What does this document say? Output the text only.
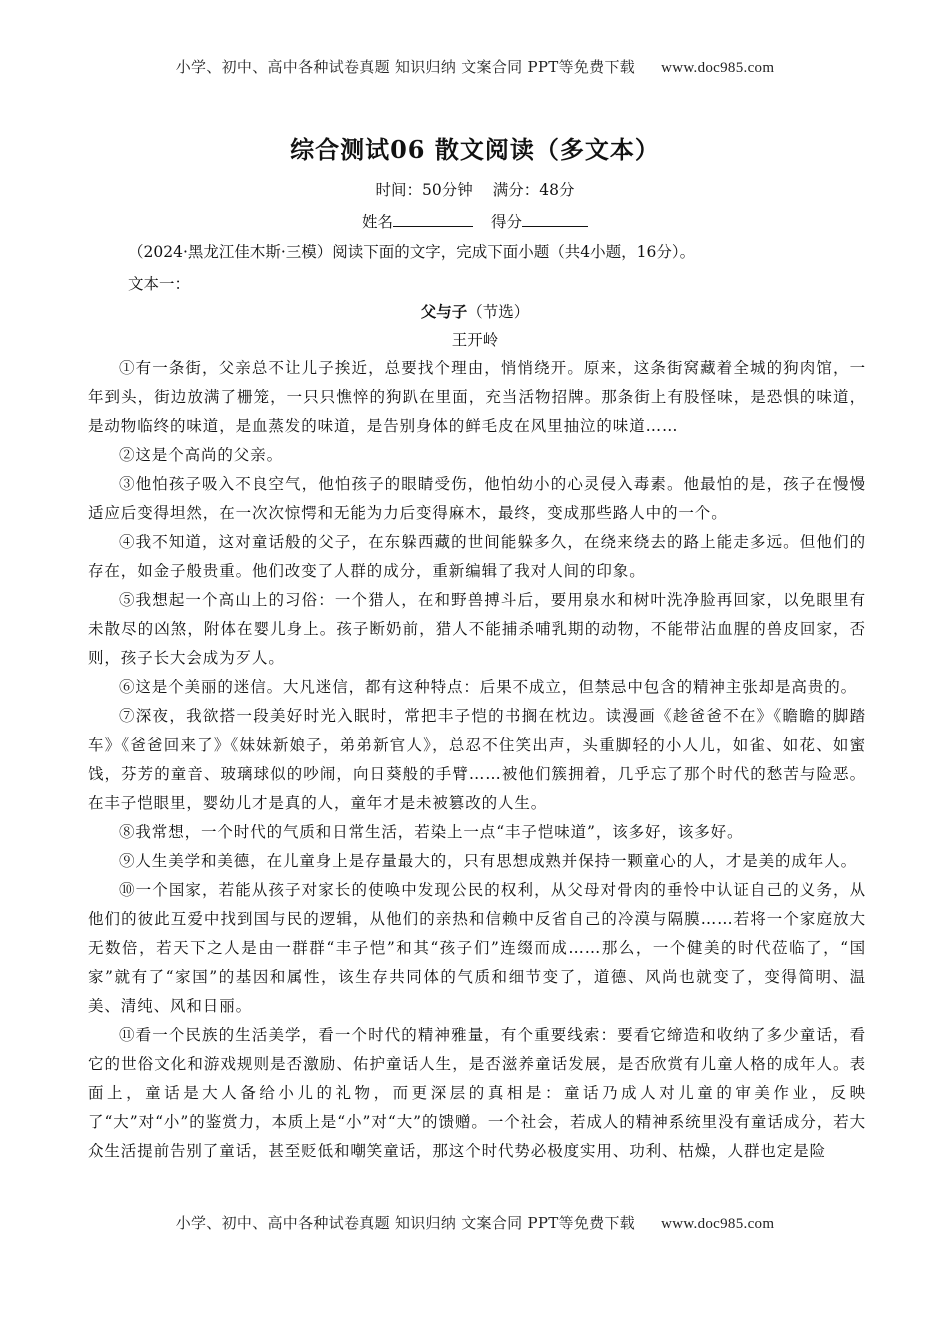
小学、初中、高中各种试卷真题 知识归纳 文案合同 PPT等免费下载 www.doc985.com
综合测试06 散文阅读（多文本）
时间：50分钟 满分：48分
姓名	得分
（2024·黑龙江佳木斯·三模）阅读下面的文字，完成下面小题（共4小题，16分）。
文本一：
父与子（节选）
王开岭

①有一条街，父亲总不让儿子挨近，总要找个理由，悄悄绕开。原来，这条街窝藏着全城的狗肉馆，一年到头，街边放满了栅笼，一只只憔悴的狗趴在里面，充当活物招牌。那条街上有股怪味，是恐惧的味道，是动物临终的味道，是血蒸发的味道，是告别身体的鲜毛皮在风里抽泣的味道……

②这是个高尚的父亲。

③他怕孩子吸入不良空气，他怕孩子的眼睛受伤，他怕幼小的心灵侵入毒素。他最怕的是，孩子在慢慢适应后变得坦然，在一次次惊愕和无能为力后变得麻木，最终，变成那些路人中的一个。

④我不知道，这对童话般的父子，在东躲西藏的世间能躲多久，在绕来绕去的路上能走多远。但他们的存在，如金子般贵重。他们改变了人群的成分，重新编辑了我对人间的印象。

⑤我想起一个高山上的习俗：一个猎人，在和野兽搏斗后，要用泉水和树叶洗净脸再回家，以免眼里有未散尽的凶煞，附体在婴儿身上。孩子断奶前，猎人不能捕杀哺乳期的动物，不能带沾血腥的兽皮回家，否则，孩子长大会成为歹人。

⑥这是个美丽的迷信。大凡迷信，都有这种特点：后果不成立，但禁忌中包含的精神主张却是高贵的。

⑦深夜，我欲搭一段美好时光入眠时，常把丰子恺的书搁在枕边。读漫画《趁爸爸不在》《瞻瞻的脚踏车》《爸爸回来了》《妹妹新娘子，弟弟新官人》，总忍不住笑出声，头重脚轻的小人儿，如雀、如花、如蜜饯，芬芳的童音、玻璃球似的吵闹，向日葵般的手臂……被他们簇拥着，几乎忘了那个时代的愁苦与险恶。在丰子恺眼里，婴幼儿才是真的人，童年才是未被篡改的人生。

⑧我常想，一个时代的气质和日常生活，若染上一点“丰子恺味道”，该多好，该多好。

⑨人生美学和美德，在儿童身上是存量最大的，只有思想成熟并保持一颗童心的人，才是美的成年人。

⑩一个国家，若能从孩子对家长的使唤中发现公民的权利，从父母对骨肉的垂怜中认证自己的义务，从他们的彼此互爱中找到国与民的逻辑，从他们的亲热和信赖中反省自己的冷漠与隔膜……若将一个家庭放大无数倍，若天下之人是由一群群“丰子恺”和其“孩子们”连缀而成……那么，一个健美的时代莅临了，“国家”就有了“家国”的基因和属性，该生存共同体的气质和细节变了，道德、风尚也就变了，变得简明、温美、清纯、风和日丽。

⑪看一个民族的生活美学，看一个时代的精神雅量，有个重要线索：要看它缔造和收纳了多少童话，看它的世俗文化和游戏规则是否激励、佑护童话人生，是否滋养童话发展，是否欣赏有儿童人格的成年人。表面上，童话是大人备给小儿的礼物，而更深层的真相是：童话乃成人对儿童的审美作业，反映了“大”对“小”的鉴赏力，本质上是“小”对“大”的馈赠。一个社会，若成人的精神系统里没有童话成分，若大众生活提前告别了童话，甚至贬低和嘲笑童话，那这个时代势必极度实用、功利、枯燥，人群也定是险

小学、初中、高中各种试卷真题 知识归纳 文案合同 PPT等免费下载 www.doc985.com
